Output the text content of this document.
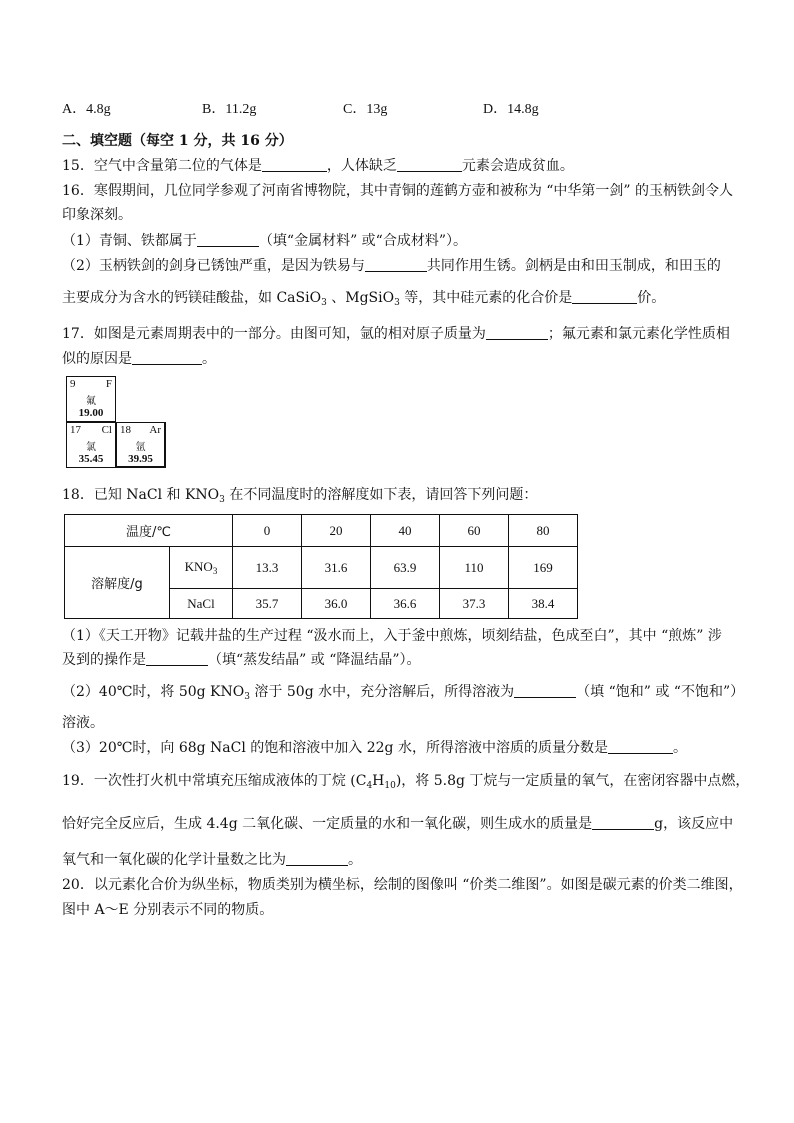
A．4.8g	B．11.2g	C．13g	D．14.8g
二、填空题（每空 1 分，共 16 分）
15．空气中含量第二位的气体是	，人体缺乏	元素会造成贫血。
16．寒假期间，几位同学参观了河南省博物院，其中青铜的莲鹤方壶和被称为 “中华第一剑” 的玉柄铁剑令人
印象深刻。
（1）青铜、铁都属于	（填“金属材料” 或“合成材料”）。
（2）玉柄铁剑的剑身已锈蚀严重，是因为铁易与	共同作用生锈。剑柄是由和田玉制成，和田玉的
主要成分为含水的钙镁硅酸盐，如 CaSiO$_3$ 、MgSiO$_3$ 等，其中硅元素的化合价是	价。
17．如图是元素周期表中的一部分。由图可知，氩的相对原子质量为	；氟元素和氯元素化学性质相
似的原因是	。
9	F
氟
19.00
17 Cl
氯
35.45
18 Ar
氩
39.95
18．已知 NaCl 和 $KNO_3$ 在不同温度时的溶解度如下表，请回答下列问题：
温度/℃		0	20	40	60	80
溶解度/g	$KNO_3$	13.3	31.6	63.9	110	169
	NaCl	35.7	36.0	36.6	37.3	38.4
（1）《天工开物》记载井盐的生产过程 “汲水而上，入于釜中煎炼，顷刻结盐，色成至白”，其中 “煎炼” 涉
及到的操作是	（填“蒸发结晶” 或 “降温结晶”）。
（2）40℃时，将 50g $KNO_3$ 溶于 50g 水中，充分溶解后，所得溶液为	（填 “饱和” 或 “不饱和”）
溶液。
（3）20℃时，向 68g NaCl 的饱和溶液中加入 22g 水，所得溶液中溶质的质量分数是	。
19．一次性打火机中常填充压缩成液体的丁烷 $(C_4H_{10})$，将 5.8g 丁烷与一定质量的氧气，在密闭容器中点燃，
恰好完全反应后，生成 4.4g 二氧化碳、一定质量的水和一氧化碳，则生成水的质量是	g，该反应中
氧气和一氧化碳的化学计量数之比为	。
20．以元素化合价为纵坐标，物质类别为横坐标，绘制的图像叫 “价类二维图”。如图是碳元素的价类二维图，
图中 A～E 分别表示不同的物质。
